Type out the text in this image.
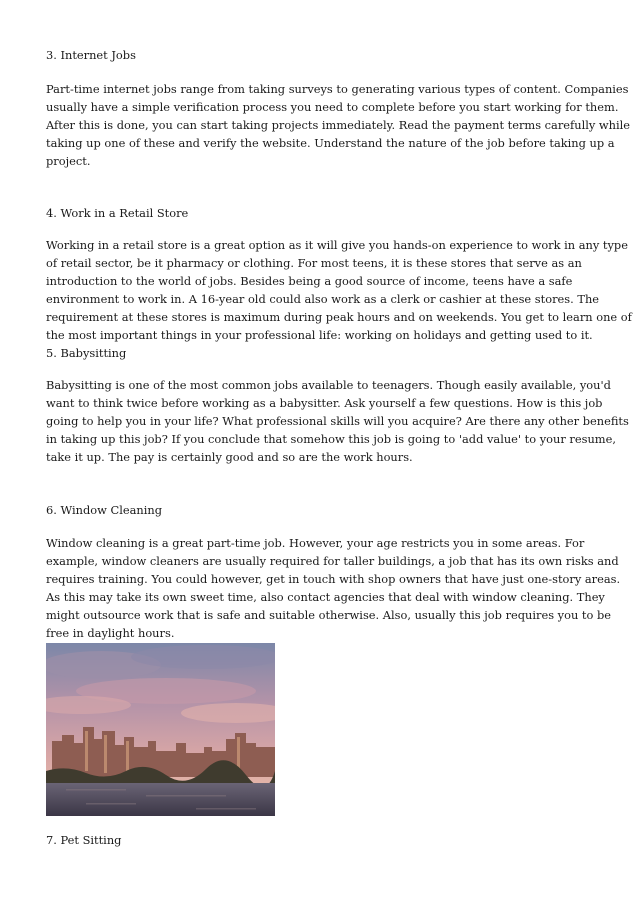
3. Internet Jobs

Part-time internet jobs range from taking surveys to generating various types of content. Companies
usually have a simple verification process you need to complete before you start working for them.
After this is done, you can start taking projects immediately. Read the payment terms carefully while
taking up one of these and verify the website. Understand the nature of the job before taking up a
project.

4. Work in a Retail Store

Working in a retail store is a great option as it will give you hands-on experience to work in any type
of retail sector, be it pharmacy or clothing. For most teens, it is these stores that serve as an
introduction to the world of jobs. Besides being a good source of income, teens have a safe
environment to work in. A 16-year old could also work as a clerk or cashier at these stores. The
requirement at these stores is maximum during peak hours and on weekends. You get to learn one of
the most important things in your professional life: working on holidays and getting used to it.

5. Babysitting

Babysitting is one of the most common jobs available to teenagers. Though easily available, you'd
want to think twice before working as a babysitter. Ask yourself a few questions. How is this job
going to help you in your life? What professional skills will you acquire? Are there any other benefits
in taking up this job? If you conclude that somehow this job is going to 'add value' to your resume,
take it up. The pay is certainly good and so are the work hours.

6. Window Cleaning

Window cleaning is a great part-time job. However, your age restricts you in some areas. For
example, window cleaners are usually required for taller buildings, a job that has its own risks and
requires training. You could however, get in touch with shop owners that have just one-story areas.
As this may take its own sweet time, also contact agencies that deal with window cleaning. They
might outsource work that is safe and suitable otherwise. Also, usually this job requires you to be
free in daylight hours.

7. Pet Sitting
